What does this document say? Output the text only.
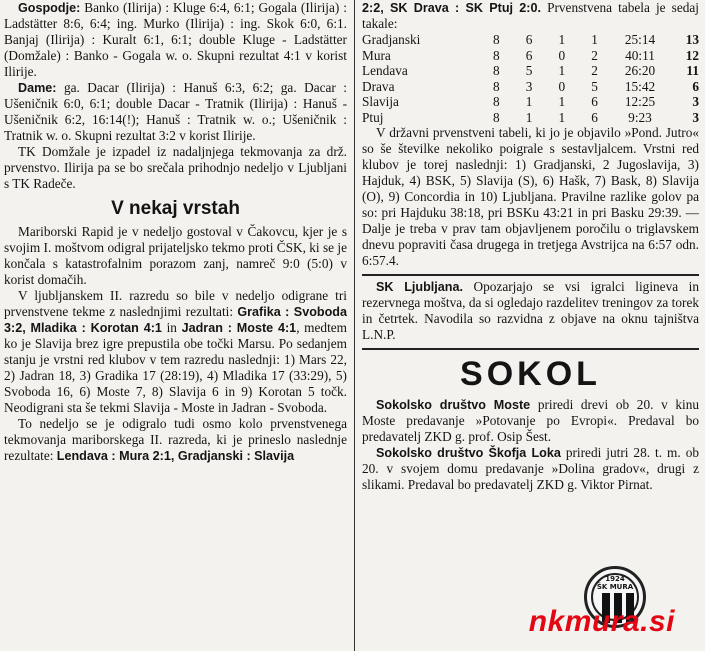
Gospodje: Banko (Ilirija) : Kluge 6:4, 6:1; Gogala (Ilirija) : Ladstätter 8:6, 6:4; ing. Murko (Ilirija) : ing. Skok 6:0, 6:1. Banjaj (Ilirija) : Kuralt 6:1, 6:1; double Kluge - Ladstätter (Domžale) : Banko - Gogala w. o. Skupni rezultat 4:1 v korist Ilirije.

Dame: ga. Dacar (Ilirija) : Hanuš 6:3, 6:2; ga. Dacar : Ušeničnik 6:0, 6:1; double Dacar - Tratnik (Ilirija) : Hanuš - Ušeničnik 6:2, 16:14(!); Hanuš : Tratnik w. o.; Ušeničnik : Tratnik w. o. Skupni rezultat 3:2 v korist Ilirije.

TK Domžale je izpadel iz nadaljnjega tekmovanja za drž. prvenstvo. Ilirija pa se bo srečala prihodnjo nedeljo v Ljubljani s TK Radeče.

V nekaj vrstah

Mariborski Rapid je v nedeljo gostoval v Čakovcu, kjer je s svojim I. moštvom odigral prijateljsko tekmo proti ČSK, ki se je končala s katastrofalnim porazom zanj, namreč 9:0 (5:0) v korist domačih.

V ljubljanskem II. razredu so bile v nedeljo odigrane tri prvenstvene tekme z naslednjimi rezultati: Grafika : Svoboda 3:2, Mladika : Korotan 4:1 in Jadran : Moste 4:1, medtem ko je Slavija brez igre prepustila obe točki Marsu. Po sedanjem stanju je vrstni red klubov v tem razredu naslednji: 1) Mars 22, 2) Jadran 18, 3) Gradika 17 (28:19), 4) Mladika 17 (33:29), 5) Svoboda 16, 6) Moste 7, 8) Slavija 6 in 9) Korotan 5 točk. Neodigrani sta še tekmi Slavija - Moste in Jadran - Svoboda.

To nedeljo se je odigralo tudi osmo kolo prvenstvenega tekmovanja mariborskega II. razreda, ki je prineslo naslednje rezultate: Lendava : Mura 2:1, Gradjanski : Slavija

2:2, SK Drava : SK Ptuj 2:0. Prvenstvena tabela je sedaj takale:

Gradjanski	8	6	1	1	25:14	13
Mura	8	6	0	2	40:11	12
Lendava	8	5	1	2	26:20	11
Drava	8	3	0	5	15:42	6
Slavija	8	1	1	6	12:25	3
Ptuj	8	1	1	6	9:23	3

V državni prvenstveni tabeli, ki jo je objavilo »Pond. Jutro« so še številke nekoliko poigrale s sestavljalcem. Vrstni red klubov je torej naslednji: 1) Gradjanski, 2 Jugoslavija, 3) Hajduk, 4) BSK, 5) Slavija (S), 6) Hašk, 7) Bask, 8) Slavija (O), 9) Concordia in 10) Ljubljana. Pravilne razlike golov pa so: pri Hajduku 38:18, pri BSKu 43:21 in pri Basku 29:39. — Dalje je treba v prav tam objavljenem poročilu o triglavskem dnevu popraviti časa drugega in tretjega Avstrijca na 6:57 odn. 6:57.4.

SK Ljubljana. Opozarjajo se vsi igralci ligineva in rezervnega moštva, da si ogledajo razdelitev treningov za torek in četrtek. Navodila so razvidna z objave na oknu tajništva L.N.P.

SOKOL

Sokolsko društvo Moste priredi drevi ob 20. v kinu Moste predavanje »Potovanje po Evropi«. Predaval bo predavatelj ZKD g. prof. Osip Šest.

Sokolsko društvo Škofja Loka priredi jutri 28. t. m. ob 20. v svojem domu predavanje »Dolina gradov«, drugi z slikami. Predaval bo predavatelj ZKD g. Viktor Pirnat.

1924
ŠK MURA
nkmura.si
